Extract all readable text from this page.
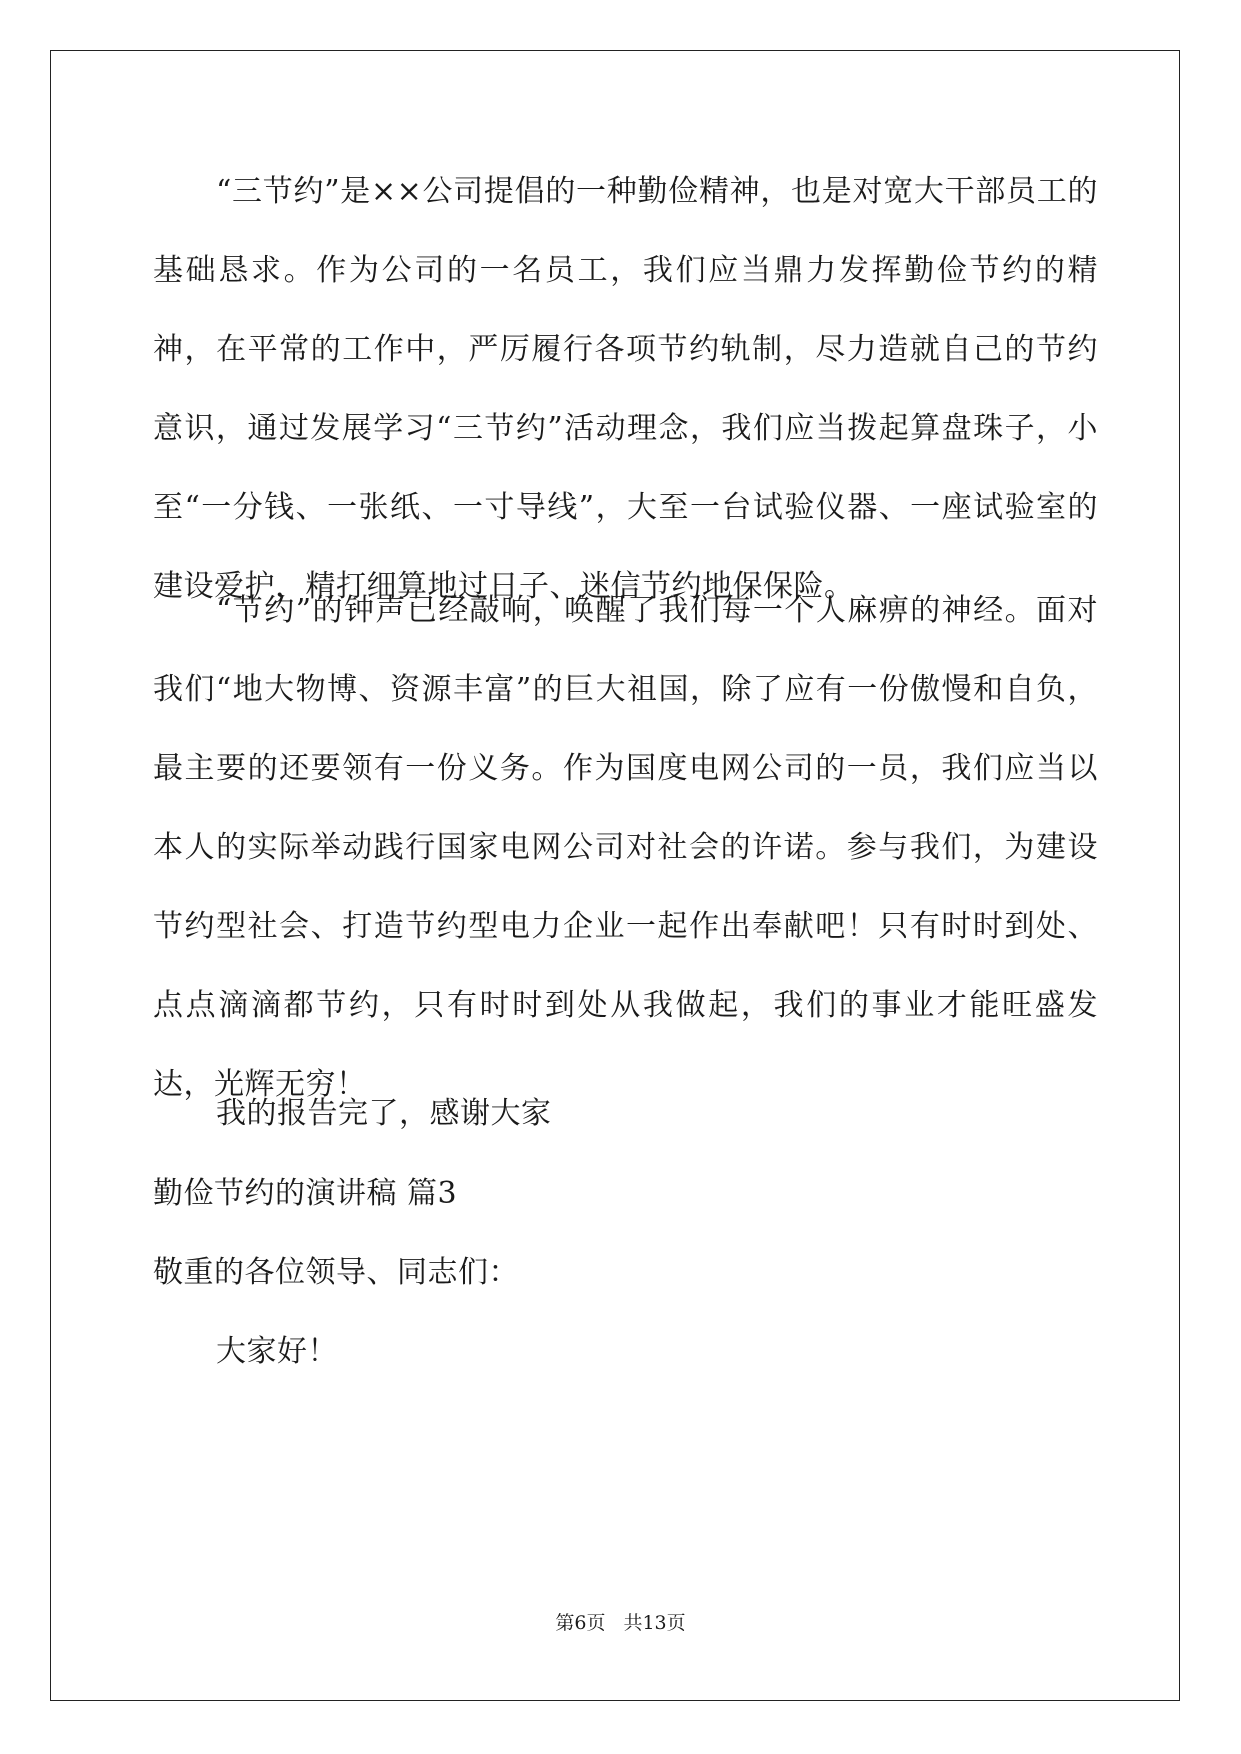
“三节约”是××公司提倡的一种勤俭精神，也是对宽大干部员工的基础恳求。作为公司的一名员工，我们应当鼎力发挥勤俭节约的精神，在平常的工作中，严厉履行各项节约轨制，尽力造就自己的节约意识，通过发展学习“三节约”活动理念，我们应当拨起算盘珠子，小至“一分钱、一张纸、一寸导线”，大至一台试验仪器、一座试验室的建设爱护，精打细算地过日子、迷信节约地保保险。

“节约”的钟声已经敲响，唤醒了我们每一个人麻痹的神经。面对我们“地大物博、资源丰富”的巨大祖国，除了应有一份傲慢和自负，最主要的还要领有一份义务。作为国度电网公司的一员，我们应当以本人的实际举动践行国家电网公司对社会的许诺。参与我们，为建设节约型社会、打造节约型电力企业一起作出奉献吧！只有时时到处、点点滴滴都节约，只有时时到处从我做起，我们的事业才能旺盛发达，光辉无穷！

我的报告完了，感谢大家

勤俭节约的演讲稿 篇3

敬重的各位领导、同志们：

大家好！

第6页 共13页
